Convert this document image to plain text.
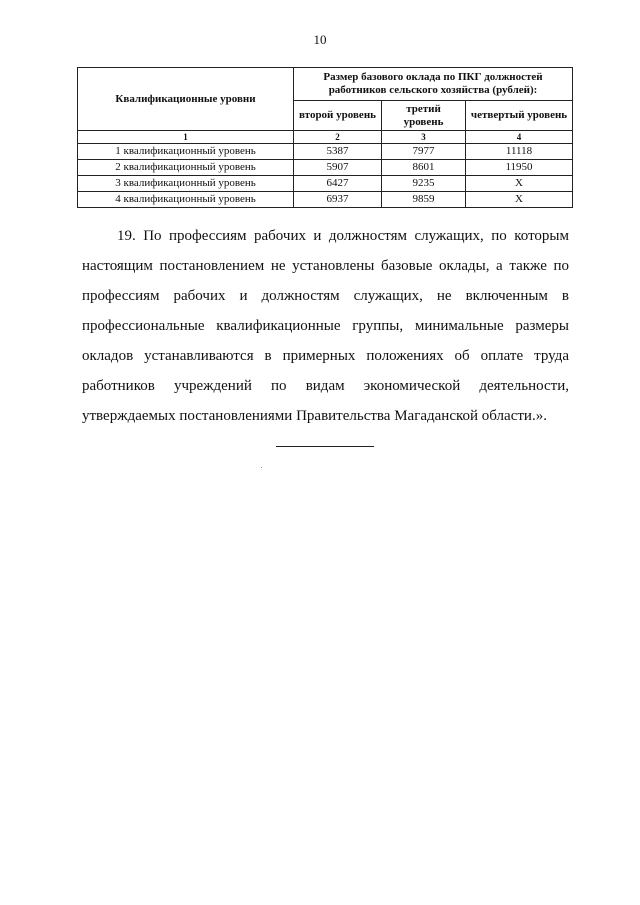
10
Квалификационные уровни	Размер базового оклада по ПКГ должностей работников сельского хозяйства (рублей):		
	второй уровень	третий уровень	четвертый уровень
1	2	3	4
1 квалификационный уровень	5387	7977	11118
2 квалификационный уровень	5907	8601	11950
3 квалификационный уровень	6427	9235	X
4 квалификационный уровень	6937	9859	X

19. По профессиям рабочих и должностям служащих, по которым настоящим постановлением не установлены базовые оклады, а также по профессиям рабочих и должностям служащих, не включенным в профессиональные квалификационные группы, минимальные размеры окладов устанавливаются в примерных положениях об оплате труда работников учреждений по видам экономической деятельности, утверждаемых постановлениями Правительства Магаданской области.».
